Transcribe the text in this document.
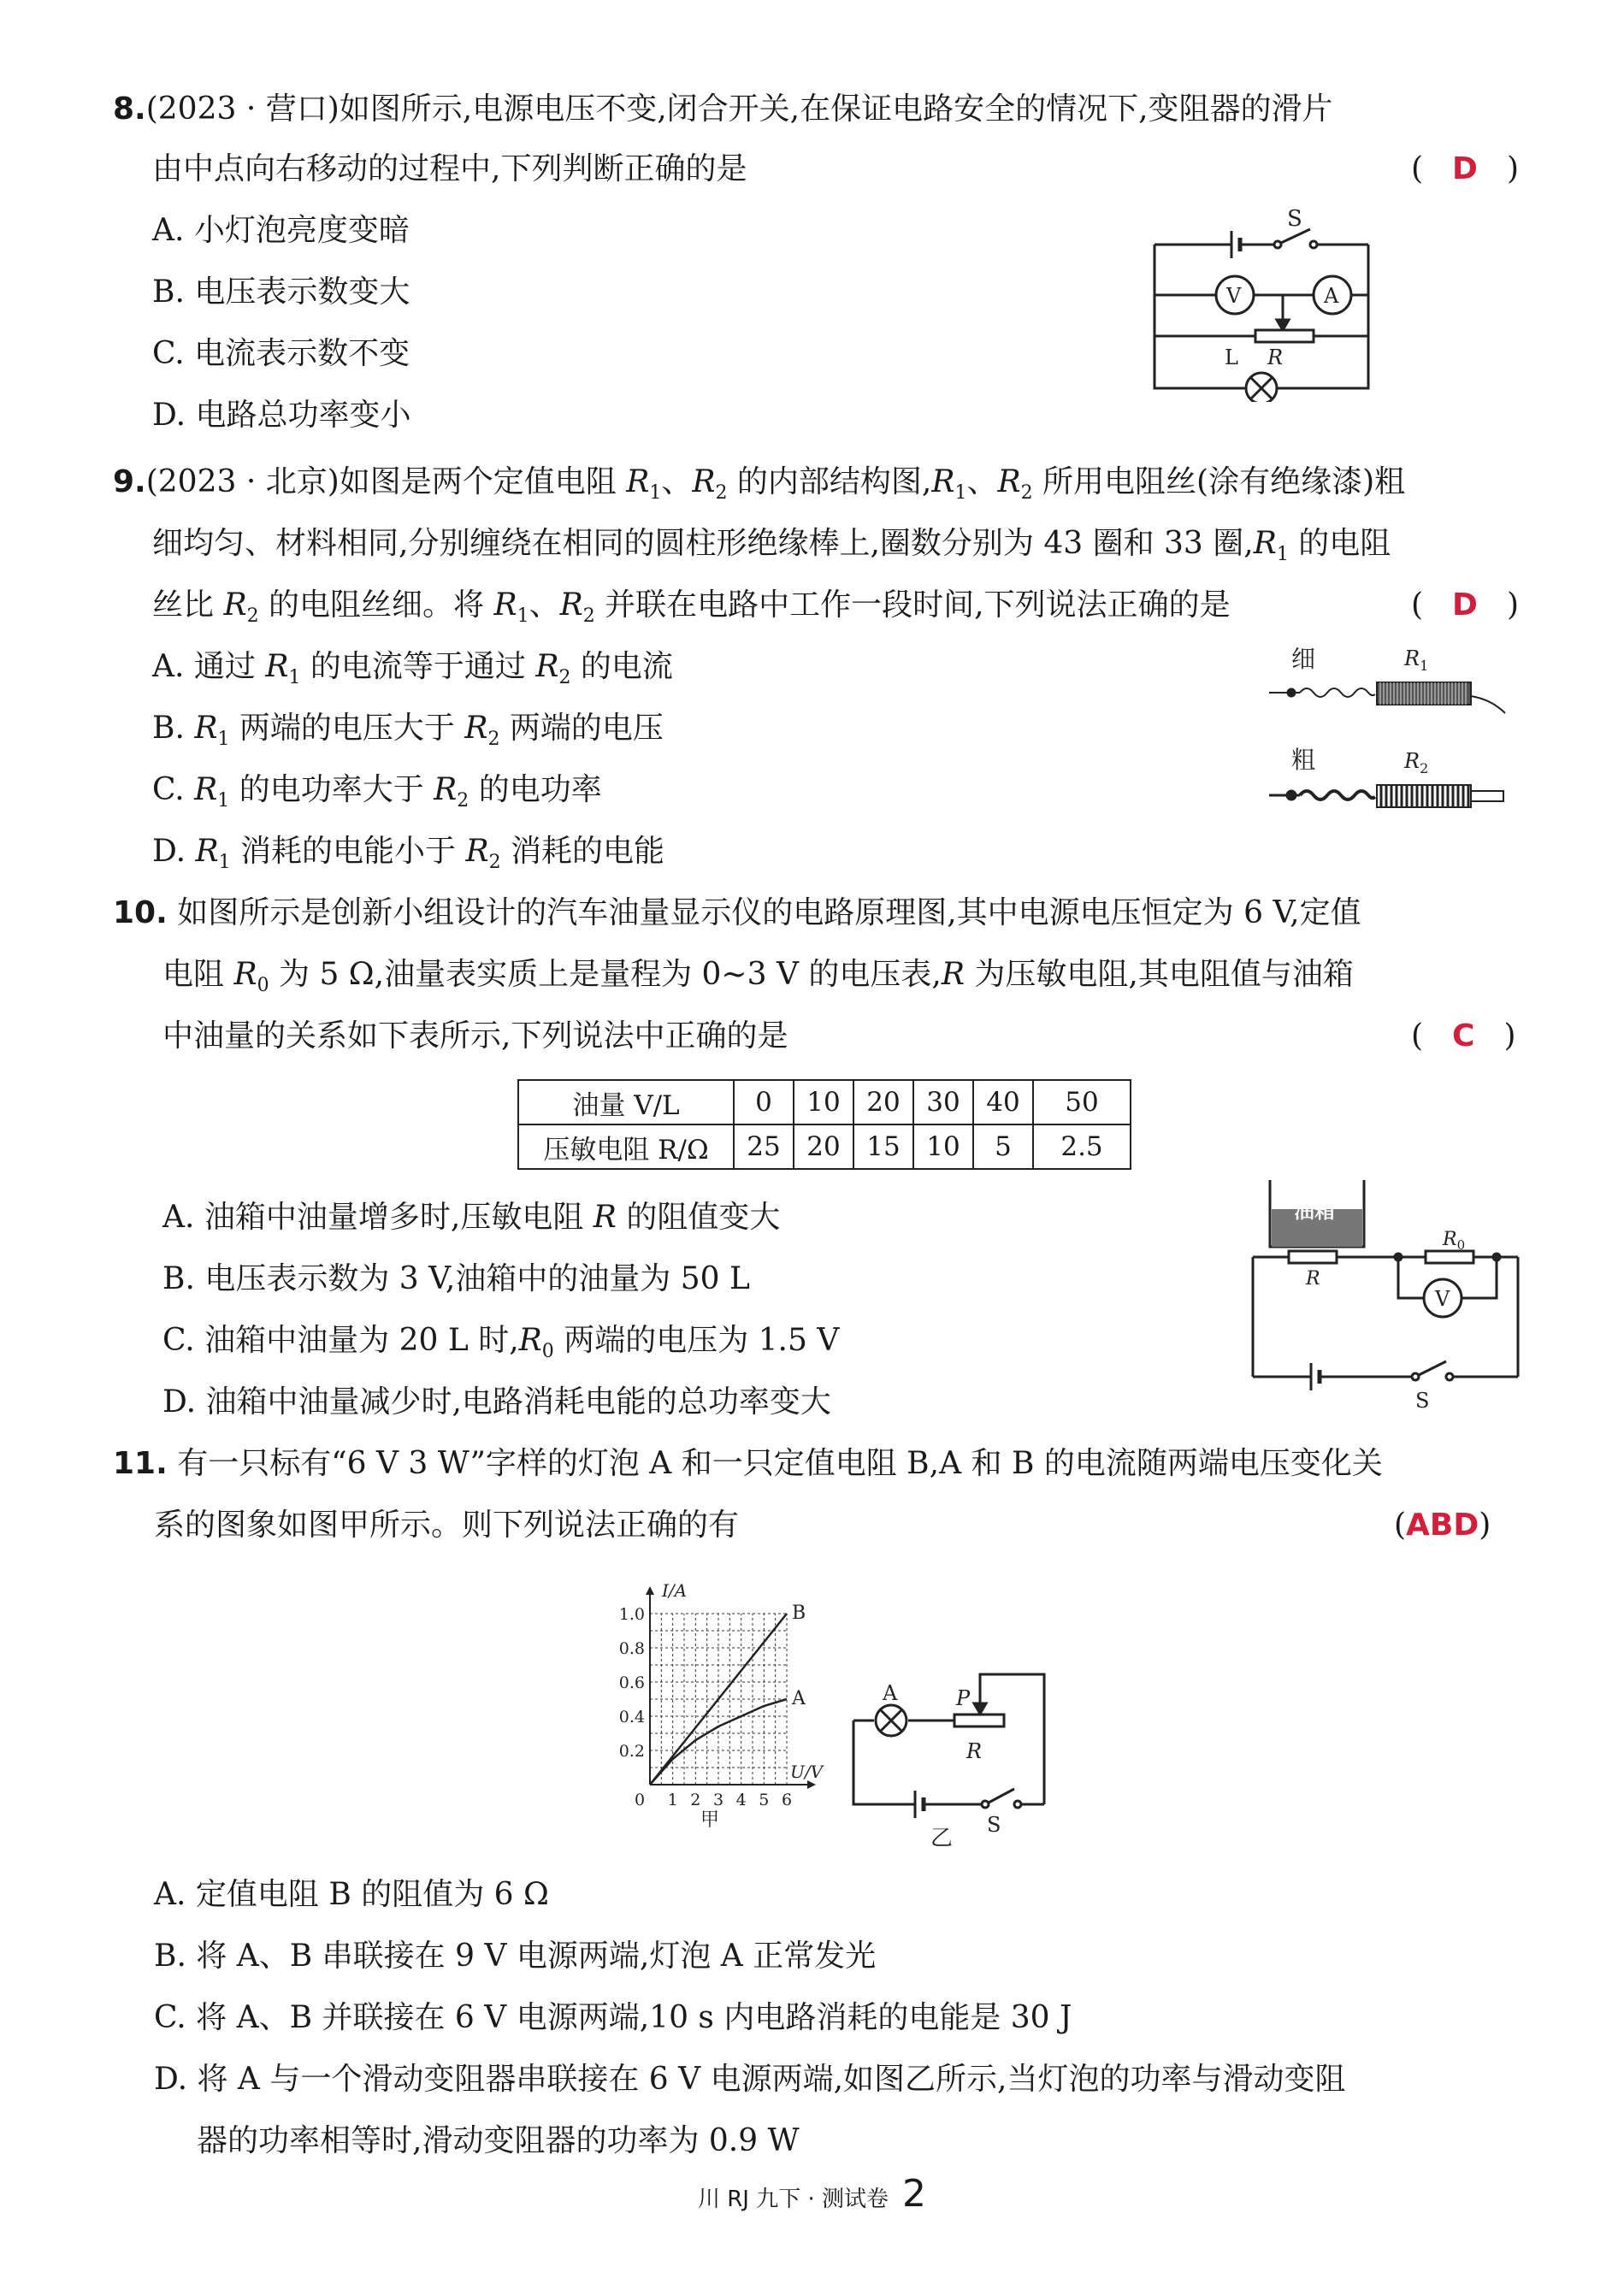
8.(2023 · 营口)如图所示,电源电压不变,闭合开关,在保证电路安全的情况下,变阻器的滑片
由中点向右移动的过程中,下列判断正确的是	( D )
A. 小灯泡亮度变暗
B. 电压表示数变大
C. 电流表示数不变
D. 电路总功率变小
S
V	A
L R
9.(2023 · 北京)如图是两个定值电阻 $R_1$、$R_2$ 的内部结构图$,R_1$、$R_2$ 所用电阻丝(涂有绝缘漆)粗
细均匀、材料相同,分别缠绕在相同的圆柱形绝缘棒上,圈数分别为 43 圈和 33 圈$,R_1$ 的电阻
丝比 $R_2$ 的电阻丝细。将 $R_1$、$R_2$ 并联在电路中工作一段时间,下列说法正确的是	( D )
A. 通过 $R_1$ 的电流等于通过 $R_2$ 的电流
B. $R_1$ 两端的电压大于 $R_2$ 两端的电压
C. $R_1$ 的电功率大于 $R_2$ 的电功率
D. $R_1$ 消耗的电能小于 $R_2$ 消耗的电能
细	$R_1$
粗	$R_2$
10. 如图所示是创新小组设计的汽车油量显示仪的电路原理图,其中电源电压恒定为 6 V,定值
电阻 $R_0$ 为 5 Ω,油量表实质上是量程为 0~3 V 的电压表,R 为压敏电阻,其电阻值与油箱
中油量的关系如下表所示,下列说法中正确的是	( C )
油量 V/L	0	10	20	30	40	50
压敏电阻 R/Ω	25	20	15	10	5	2.5
A. 油箱中油量增多时,压敏电阻 R 的阻值变大
B. 电压表示数为 3 V,油箱中的油量为 50 L
C. 油箱中油量为 20 L 时$,R_0$ 两端的电压为 1.5 V
D. 油箱中油量减少时,电路消耗电能的总功率变大
油箱
R
$R_0$
V
S
11. 有一只标有“6 V 3 W”字样的灯泡 A 和一只定值电阻 B,A 和 B 的电流随两端电压变化关
系的图象如图甲所示。则下列说法正确的有	(ABD)
I/A
U/V
0.2
0.4
0.6
0.8
1.0
0 1 2 3 4 5 6
甲
B
A	A	P
R
S
乙
A. 定值电阻 B 的阻值为 6 Ω
B. 将 A、B 串联接在 9 V 电源两端,灯泡 A 正常发光
C. 将 A、B 并联接在 6 V 电源两端,10 s 内电路消耗的电能是 30 J
D. 将 A 与一个滑动变阻器串联接在 6 V 电源两端,如图乙所示,当灯泡的功率与滑动变阻
器的功率相等时,滑动变阻器的功率为 0.9 W
川 RJ 九下 · 测试卷 2
